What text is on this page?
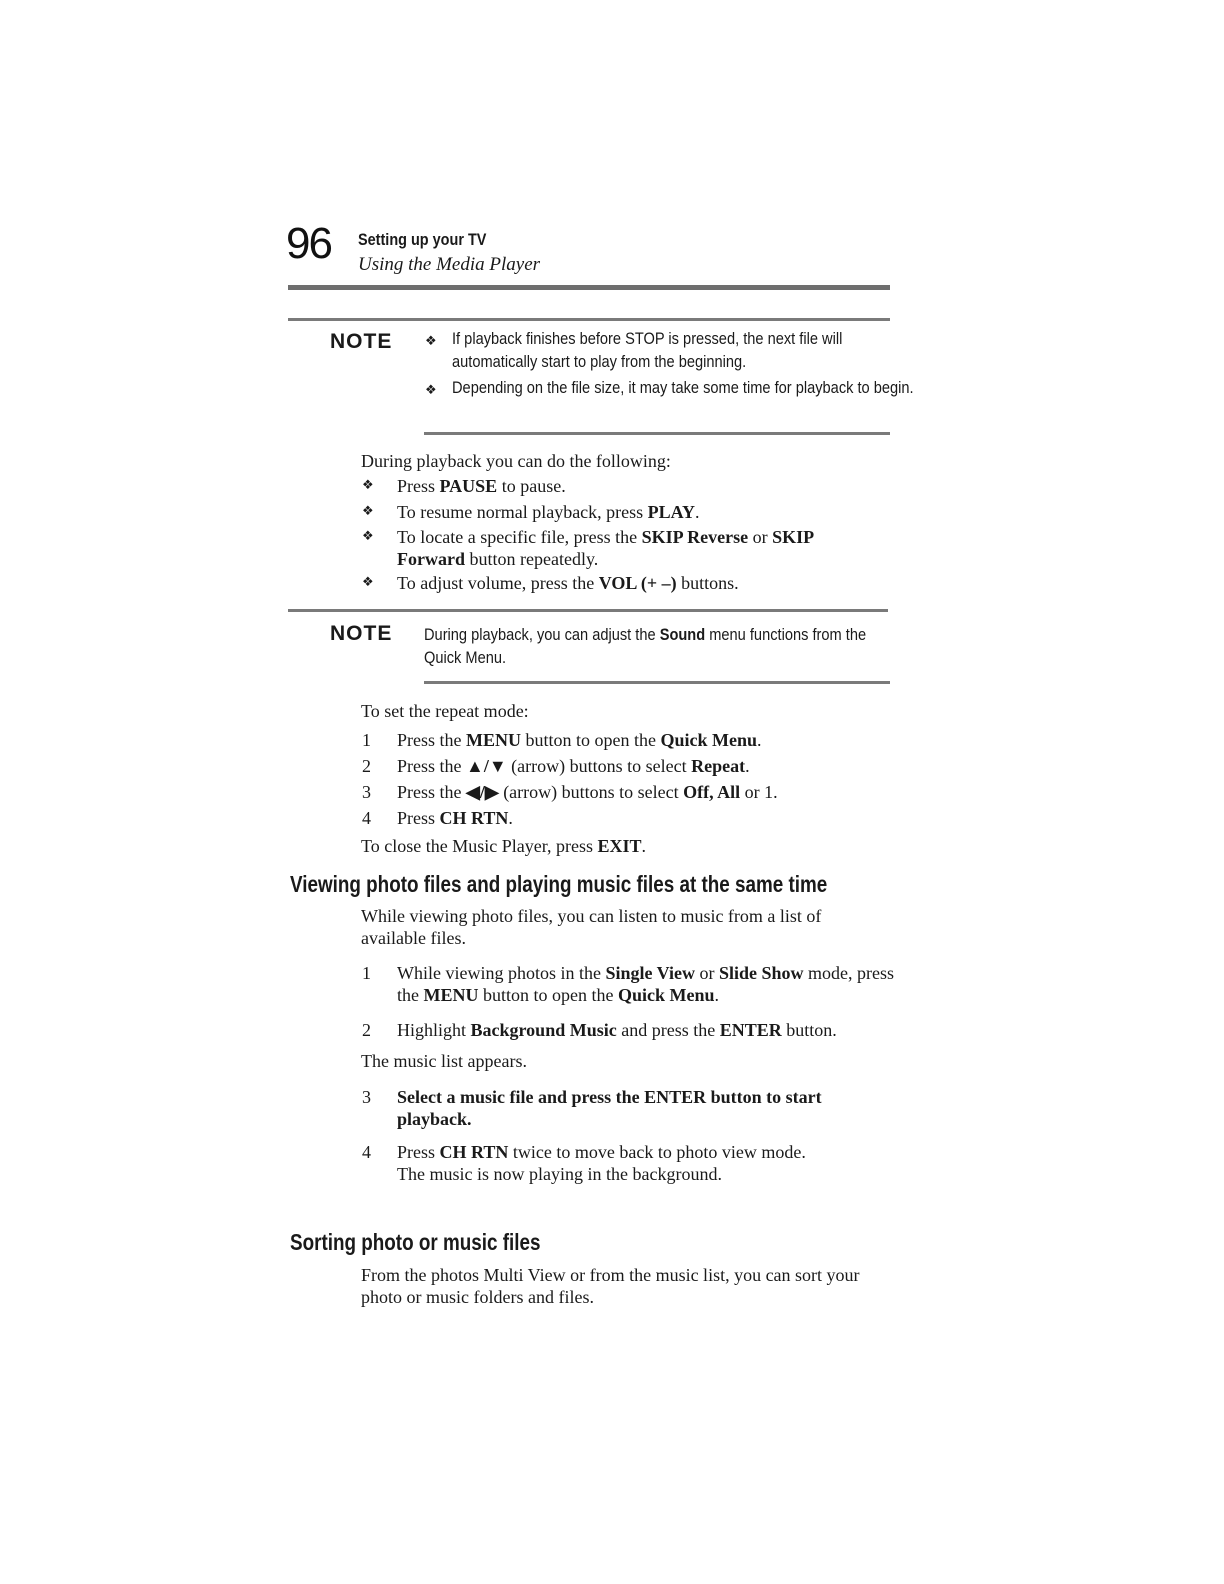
96 Setting up your TV
Using the Media Player
NOTE	❖ If playback finishes before STOP is pressed, the next file will automatically start to play from the beginning.
❖ Depending on the file size, it may take some time for playback to begin.
During playback you can do the following:
❖ Press PAUSE to pause.
❖ To resume normal playback, press PLAY.
❖ To locate a specific file, press the SKIP Reverse or SKIP Forward button repeatedly.
❖ To adjust volume, press the VOL (+ –) buttons.
NOTE During playback, you can adjust the Sound menu functions from the Quick Menu.
To set the repeat mode:
1 Press the MENU button to open the Quick Menu.
2 Press the ▲/▼ (arrow) buttons to select Repeat.
3 Press the ◀/▶ (arrow) buttons to select Off, All or 1.
4 Press CH RTN.
To close the Music Player, press EXIT.
Viewing photo files and playing music files at the same time
While viewing photo files, you can listen to music from a list of available files.
1 While viewing photos in the Single View or Slide Show mode, press the MENU button to open the Quick Menu.
2 Highlight Background Music and press the ENTER button.
The music list appears.
3 Select a music file and press the ENTER button to start playback.
4 Press CH RTN twice to move back to photo view mode.
The music is now playing in the background.
Sorting photo or music files
From the photos Multi View or from the music list, you can sort your photo or music folders and files.
